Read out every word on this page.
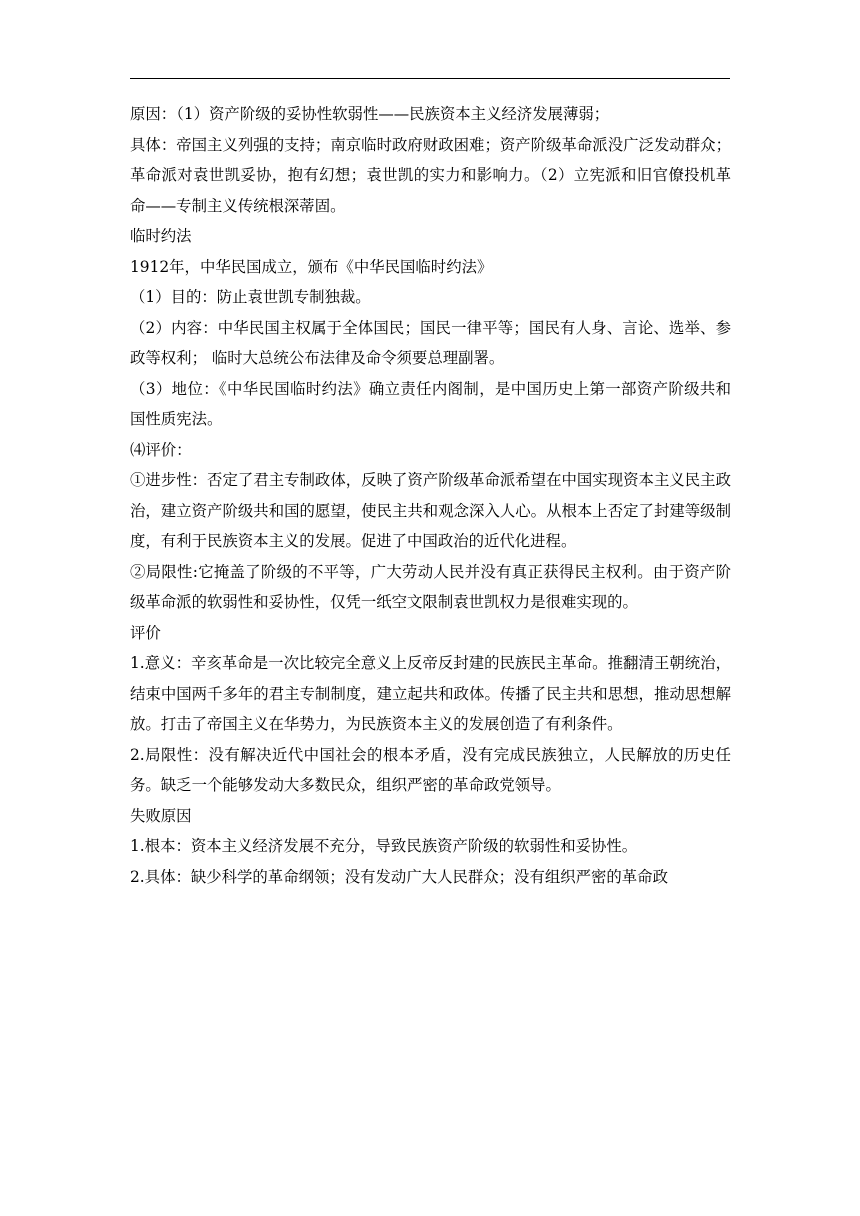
原因：（1）资产阶级的妥协性软弱性——民族资本主义经济发展薄弱；

具体：帝国主义列强的支持；南京临时政府财政困难；资产阶级革命派没广泛发动群众；革命派对袁世凯妥协，抱有幻想；袁世凯的实力和影响力。（2）立宪派和旧官僚投机革命——专制主义传统根深蒂固。

临时约法

1912年，中华民国成立，颁布《中华民国临时约法》

（1）目的：防止袁世凯专制独裁。

（2）内容：中华民国主权属于全体国民；国民一律平等；国民有人身、言论、选举、参政等权利； 临时大总统公布法律及命令须要总理副署。

（3）地位：《中华民国临时约法》确立责任内阁制，是中国历史上第一部资产阶级共和国性质宪法。

⑷评价：

①进步性：否定了君主专制政体，反映了资产阶级革命派希望在中国实现资本主义民主政治，建立资产阶级共和国的愿望，使民主共和观念深入人心。从根本上否定了封建等级制度，有利于民族资本主义的发展。促进了中国政治的近代化进程。

②局限性:它掩盖了阶级的不平等，广大劳动人民并没有真正获得民主权利。由于资产阶级革命派的软弱性和妥协性，仅凭一纸空文限制袁世凯权力是很难实现的。

评价

1.意义：辛亥革命是一次比较完全意义上反帝反封建的民族民主革命。推翻清王朝统治，结束中国两千多年的君主专制制度，建立起共和政体。传播了民主共和思想，推动思想解放。打击了帝国主义在华势力，为民族资本主义的发展创造了有利条件。

2.局限性：没有解决近代中国社会的根本矛盾，没有完成民族独立，人民解放的历史任务。缺乏一个能够发动大多数民众，组织严密的革命政党领导。

失败原因

1.根本：资本主义经济发展不充分，导致民族资产阶级的软弱性和妥协性。

2.具体：缺少科学的革命纲领；没有发动广大人民群众；没有组织严密的革命政
